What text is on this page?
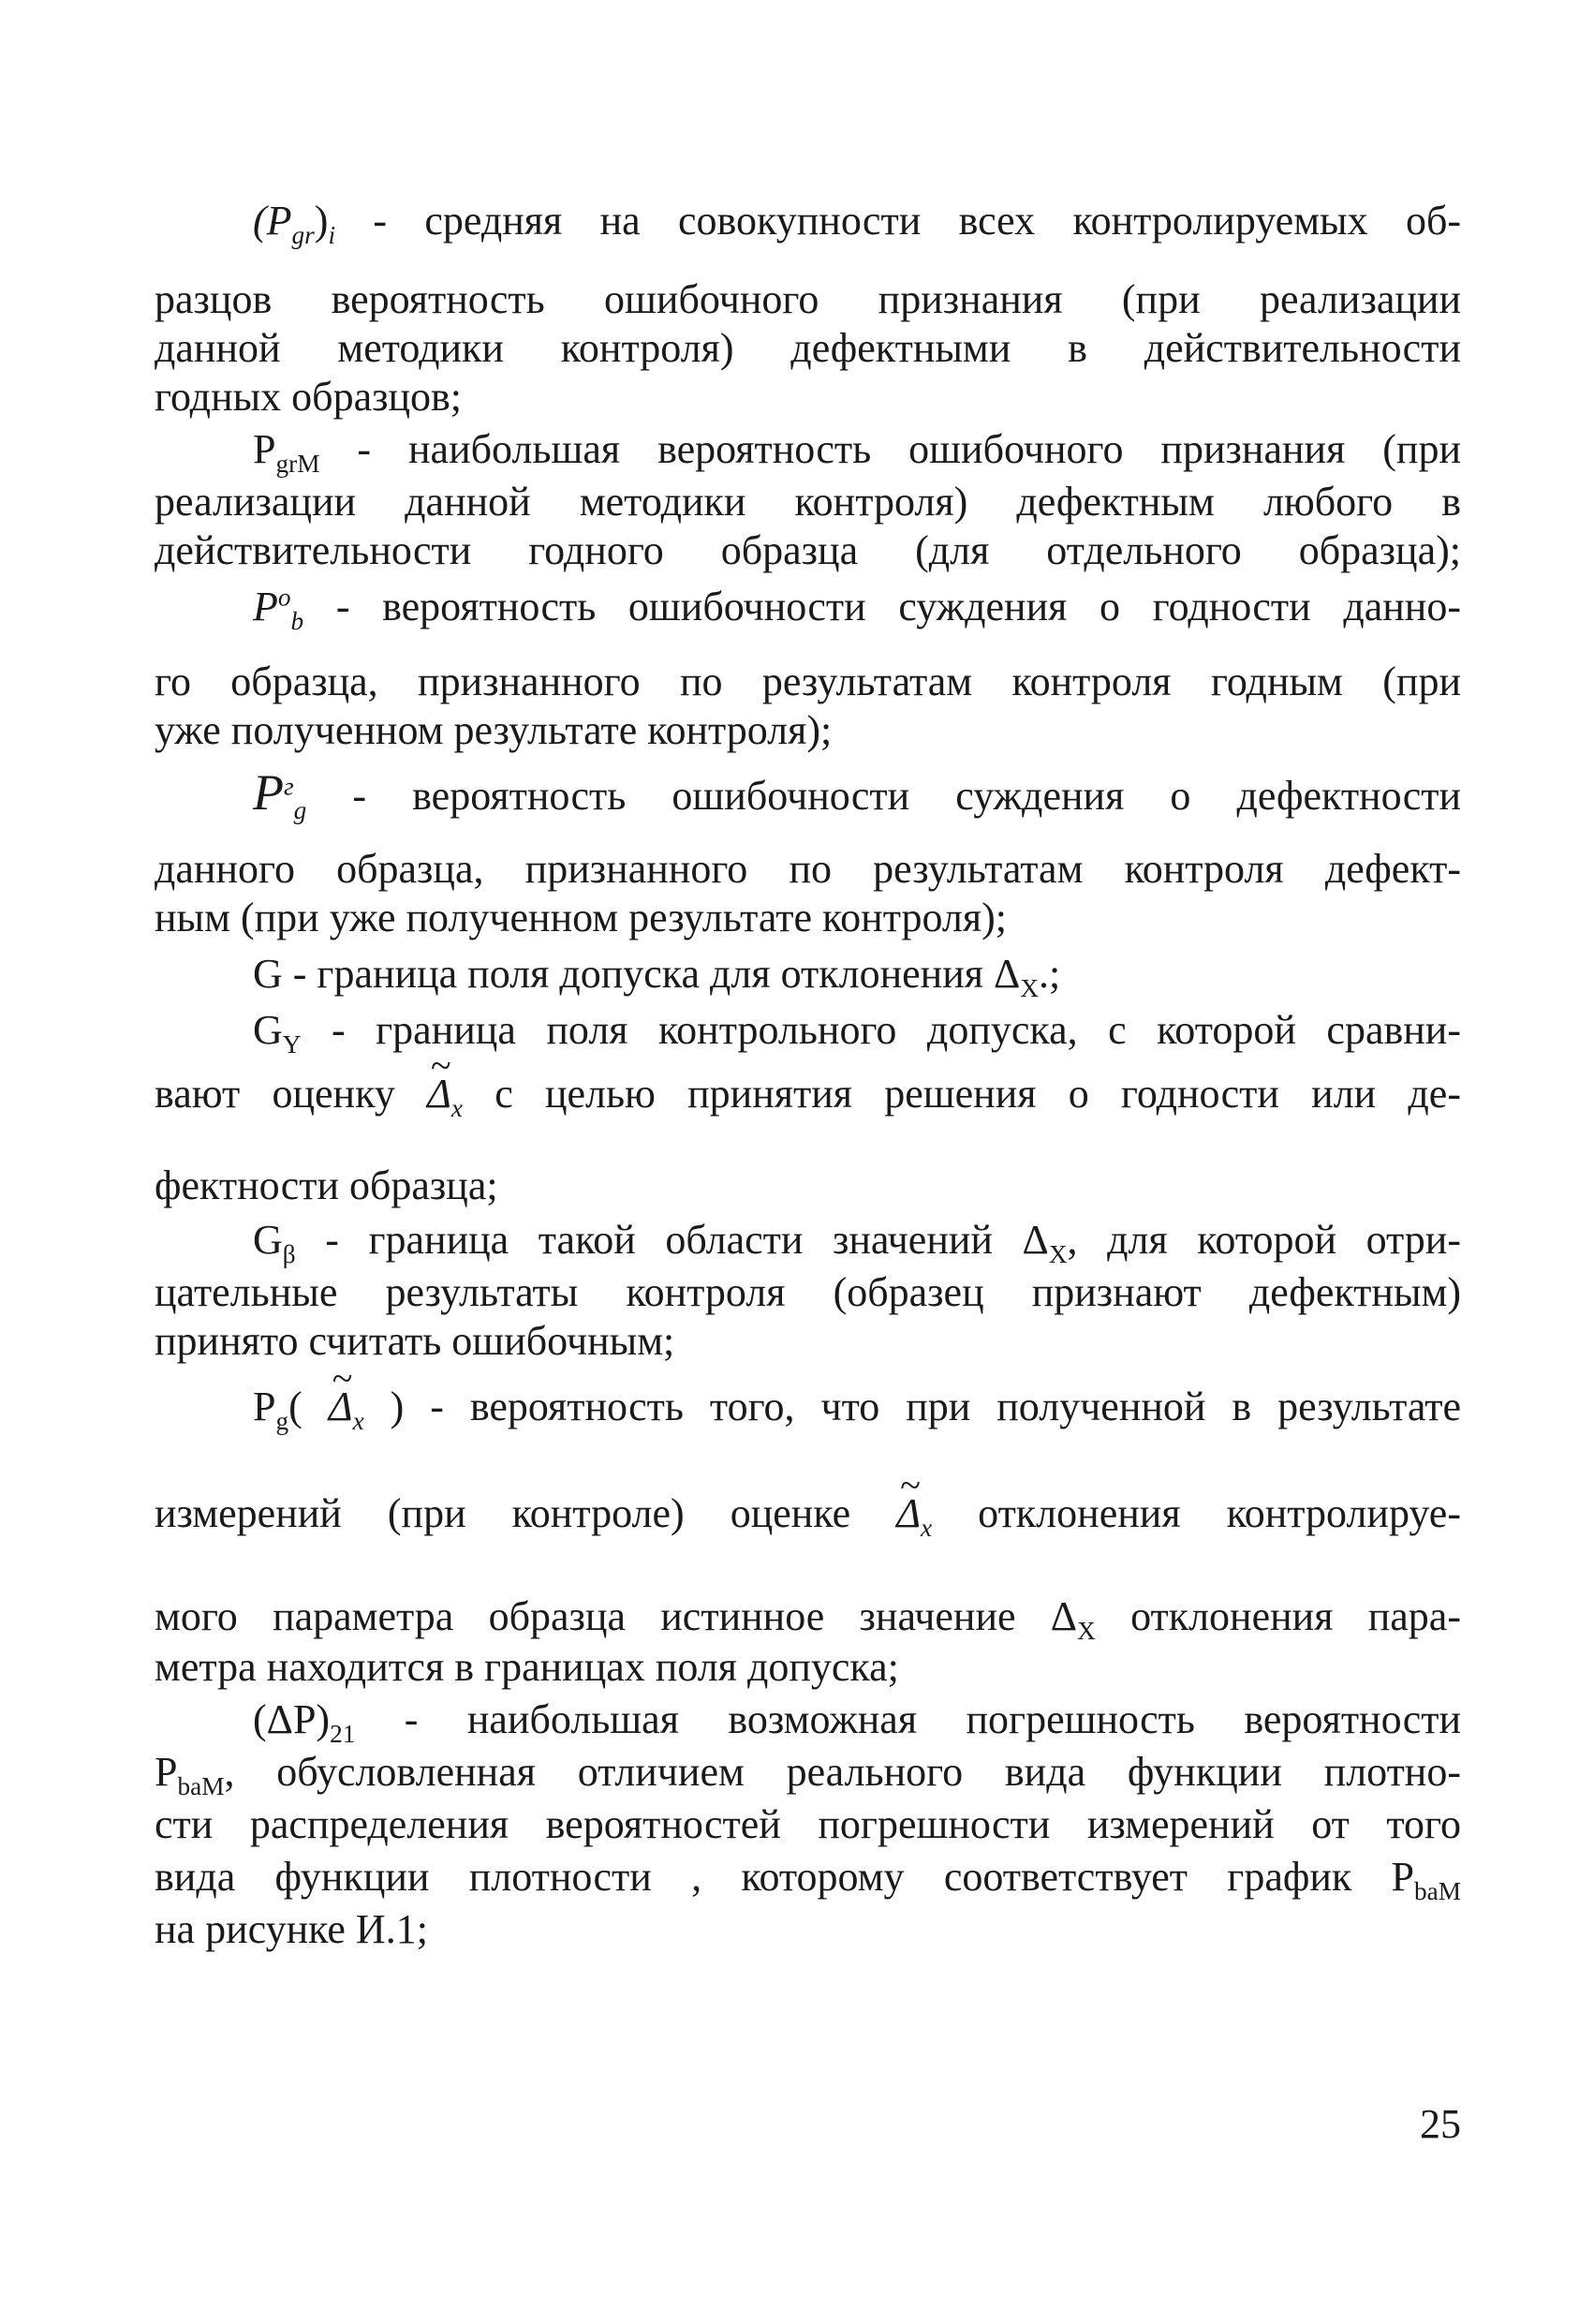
$(P_{gr})_i$ - средняя на совокупности всех контролируемых об-
разцов вероятность ошибочного признания (при реализации
данной методики контроля) дефектными в действительности
годных образцов;
$P_{grM}$ - наибольшая вероятность ошибочного признания (при
реализации данной методики контроля) дефектным любого в
действительности годного образца (для отдельного образца);
$P^о_b$ - вероятность ошибочности суждения о годности данно-
го образца, признанного по результатам контроля годным (при
уже полученном результате контроля);
$P^г_g$ - вероятность ошибочности суждения о дефектности
данного образца, признанного по результатам контроля дефект-
ным (при уже полученном результате контроля);
G - граница поля допуска для отклонения $\Delta_X$.;
$G_Y$ - граница поля контрольного допуска, с которой сравни-
вают оценку ~ $\Delta_x$ с целью принятия решения о годности или де-
фектности образца;
$G_\beta$ - граница такой области значений $\Delta_X$, для которой отри-
цательные результаты контроля (образец признают дефектным)
принято считать ошибочным;
$P_g$( ~ $\Delta_x$ ) - вероятность того, что при полученной в результате
измерений (при контроле) оценке ~ $\Delta_x$ отклонения контролируе-
мого параметра образца истинное значение $\Delta_X$ отклонения пара-
метра находится в границах поля допуска;
$(\Delta P)_{21}$ - наибольшая возможная погрешность вероятности
$P_{baM}$, обусловленная отличием реального вида функции плотно-
сти распределения вероятностей погрешности измерений от того
вида функции плотности , которому соответствует график $P_{baM}$
на рисунке И.1;
25
